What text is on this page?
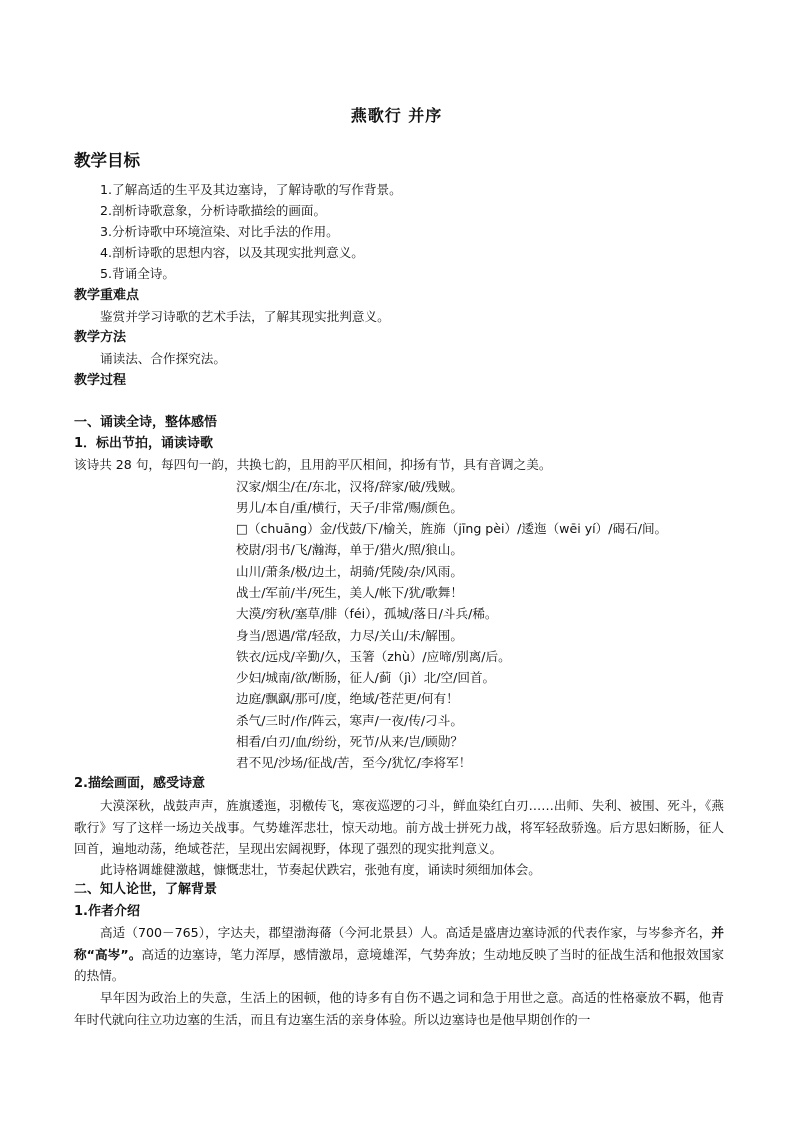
燕歌行 并序
教学目标
1.了解高适的生平及其边塞诗，了解诗歌的写作背景。
2.剖析诗歌意象，分析诗歌描绘的画面。
3.分析诗歌中环境渲染、对比手法的作用。
4.剖析诗歌的思想内容，以及其现实批判意义。
5.背诵全诗。
教学重难点
鉴赏并学习诗歌的艺术手法，了解其现实批判意义。
教学方法
诵读法、合作探究法。
教学过程
一、诵读全诗，整体感悟
1．标出节拍，诵读诗歌
该诗共 28 句，每四句一韵，共换七韵，且用韵平仄相间，抑扬有节，具有音调之美。
汉家/烟尘/在/东北，汉将/辞家/破/残贼。
男儿/本自/重/横行，天子/非常/赐/颜色。
□（chuāng）金/伐鼓/下/榆关，旌旆（jīng pèi）/逶迤（wēi yí）/碣石/间。
校尉/羽书/飞/瀚海，单于/猎火/照/狼山。
山川/萧条/极/边土，胡骑/凭陵/杂/风雨。
战士/军前/半/死生，美人/帐下/犹/歌舞！
大漠/穷秋/塞草/腓（féi），孤城/落日/斗兵/稀。
身当/恩遇/常/轻敌，力尽/关山/未/解围。
铁衣/远戍/辛勤/久，玉箸（zhù）/应啼/别离/后。
少妇/城南/欲/断肠，征人/蓟（jì）北/空/回首。
边庭/飘飖/那可/度，绝域/苍茫更/何有！
杀气/三时/作/阵云，寒声/一夜/传/刁斗。
相看/白刃/血/纷纷，死节/从来/岂/顾勋？
君不见/沙场/征战/苦，至今/犹忆/李将军！
2.描绘画面，感受诗意
大漠深秋，战鼓声声，旌旗逶迤，羽檄传飞，寒夜巡逻的刁斗，鲜血染红白刃……出师、失利、被围、死斗，《燕歌行》写了这样一场边关战事。气势雄浑悲壮，惊天动地。前方战士拼死力战，将军轻敌骄逸。后方思妇断肠，征人回首，遍地动荡，绝域苍茫，呈现出宏阔视野，体现了强烈的现实批判意义。
此诗格调雄健激越，慷慨悲壮，节奏起伏跌宕，张弛有度，诵读时须细加体会。
二、知人论世，了解背景
1.作者介绍
高适（700－765），字达夫，郡望渤海蓨（今河北景县）人。高适是盛唐边塞诗派的代表作家，与岑参齐名，并称“高岑”。高适的边塞诗，笔力浑厚，感情激昂，意境雄浑，气势奔放；生动地反映了当时的征战生活和他报效国家的热情。
早年因为政治上的失意，生活上的困顿，他的诗多有自伤不遇之词和急于用世之意。高适的性格豪放不羁，他青年时代就向往立功边塞的生活，而且有边塞生活的亲身体验。所以边塞诗也是他早期创作的一
